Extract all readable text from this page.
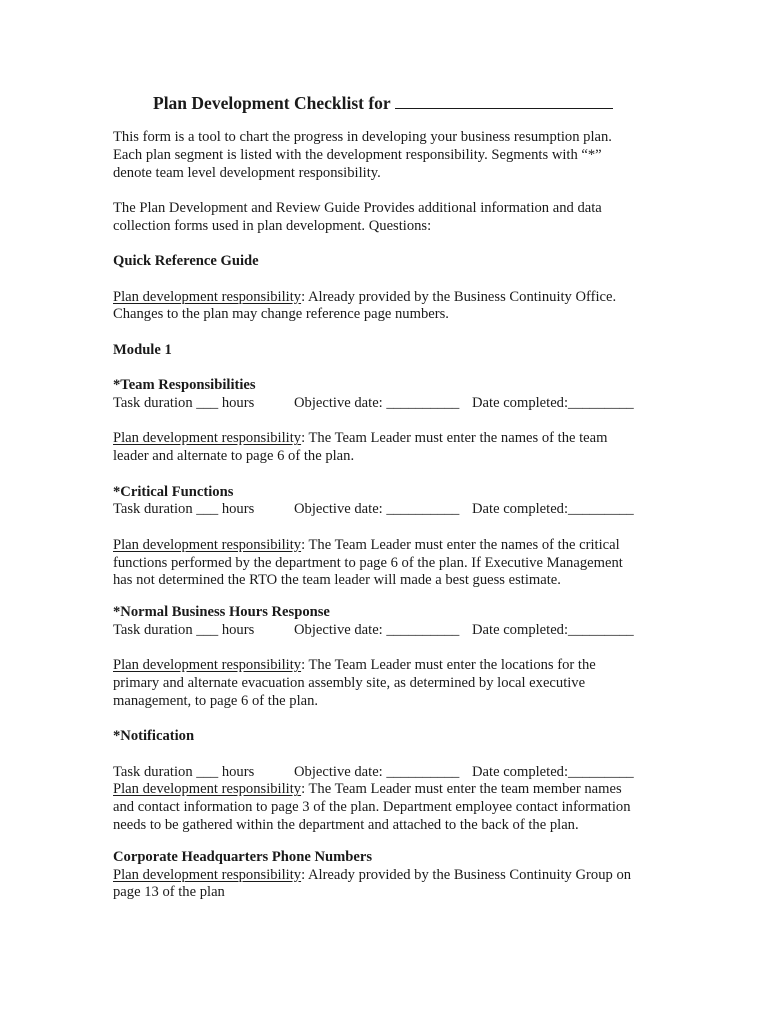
Plan Development Checklist for

This form is a tool to chart the progress in developing your business resumption plan.

Each plan segment is listed with the development responsibility. Segments with “*”

denote team level development responsibility.

The Plan Development and Review Guide Provides additional information and data

collection forms used in plan development. Questions:

Quick Reference Guide

Plan development responsibility: Already provided by the Business Continuity Office.

Changes to the plan may change reference page numbers.

Module 1

*Team Responsibilities

Task duration ___ hours	Objective date: __________ Date completed:_________

Plan development responsibility: The Team Leader must enter the names of the team

leader and alternate to page 6 of the plan.

*Critical Functions

Task duration ___ hours	Objective date: __________ Date completed:_________

Plan development responsibility: The Team Leader must enter the names of the critical

functions performed by the department to page 6 of the plan. If Executive Management

has not determined the RTO the team leader will made a best guess estimate.

*Normal Business Hours Response

Task duration ___ hours	Objective date: __________ Date completed:_________

Plan development responsibility: The Team Leader must enter the locations for the

primary and alternate evacuation assembly site, as determined by local executive

management, to page 6 of the plan.

*Notification

Task duration ___ hours	Objective date: __________ Date completed:_________

Plan development responsibility: The Team Leader must enter the team member names

and contact information to page 3 of the plan. Department employee contact information

needs to be gathered within the department and attached to the back of the plan.

Corporate Headquarters Phone Numbers

Plan development responsibility: Already provided by the Business Continuity Group on

page 13 of the plan
